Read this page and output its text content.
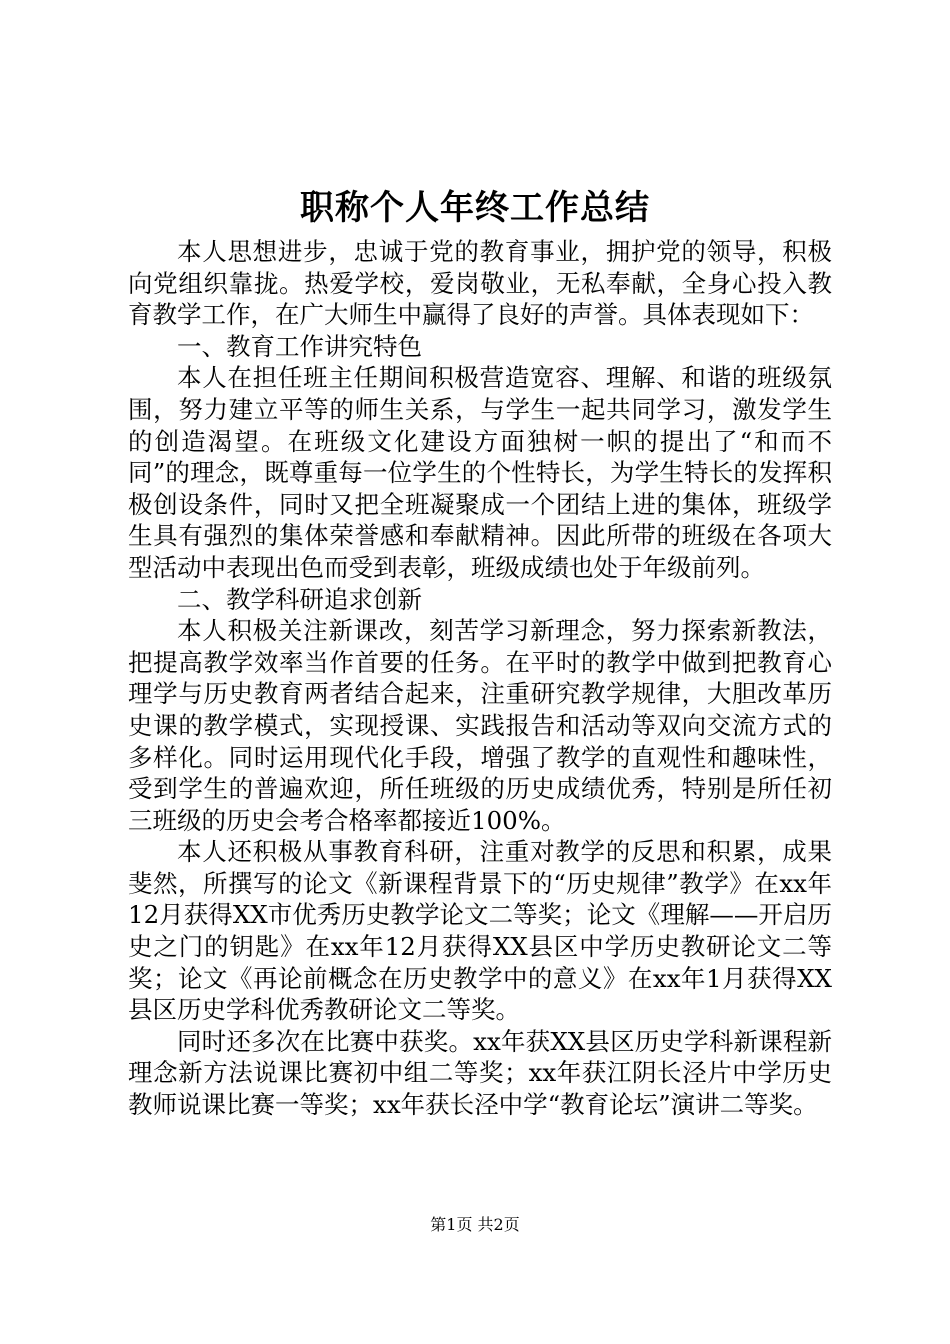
职称个人年终工作总结

本人思想进步，忠诚于党的教育事业，拥护党的领导，积极向党组织靠拢。热爱学校，爱岗敬业，无私奉献，全身心投入教育教学工作，在广大师生中赢得了良好的声誉。具体表现如下：

一、教育工作讲究特色

本人在担任班主任期间积极营造宽容、理解、和谐的班级氛围，努力建立平等的师生关系，与学生一起共同学习，激发学生的创造渴望。在班级文化建设方面独树一帜的提出了“和而不同”的理念，既尊重每一位学生的个性特长，为学生特长的发挥积极创设条件，同时又把全班凝聚成一个团结上进的集体，班级学生具有强烈的集体荣誉感和奉献精神。因此所带的班级在各项大型活动中表现出色而受到表彰，班级成绩也处于年级前列。

二、教学科研追求创新

本人积极关注新课改，刻苦学习新理念，努力探索新教法，把提高教学效率当作首要的任务。在平时的教学中做到把教育心理学与历史教育两者结合起来，注重研究教学规律，大胆改革历史课的教学模式，实现授课、实践报告和活动等双向交流方式的多样化。同时运用现代化手段，增强了教学的直观性和趣味性，受到学生的普遍欢迎，所任班级的历史成绩优秀，特别是所任初三班级的历史会考合格率都接近100%。

本人还积极从事教育科研，注重对教学的反思和积累，成果斐然，所撰写的论文《新课程背景下的“历史规律”教学》在xx年12月获得XX市优秀历史教学论文二等奖；论文《理解——开启历史之门的钥匙》在xx年12月获得XX县区中学历史教研论文二等奖；论文《再论前概念在历史教学中的意义》在xx年1月获得XX县区历史学科优秀教研论文二等奖。

同时还多次在比赛中获奖。xx年获XX县区历史学科新课程新理念新方法说课比赛初中组二等奖；xx年获江阴长泾片中学历史教师说课比赛一等奖；xx年获长泾中学“教育论坛”演讲二等奖。

第1页 共2页
